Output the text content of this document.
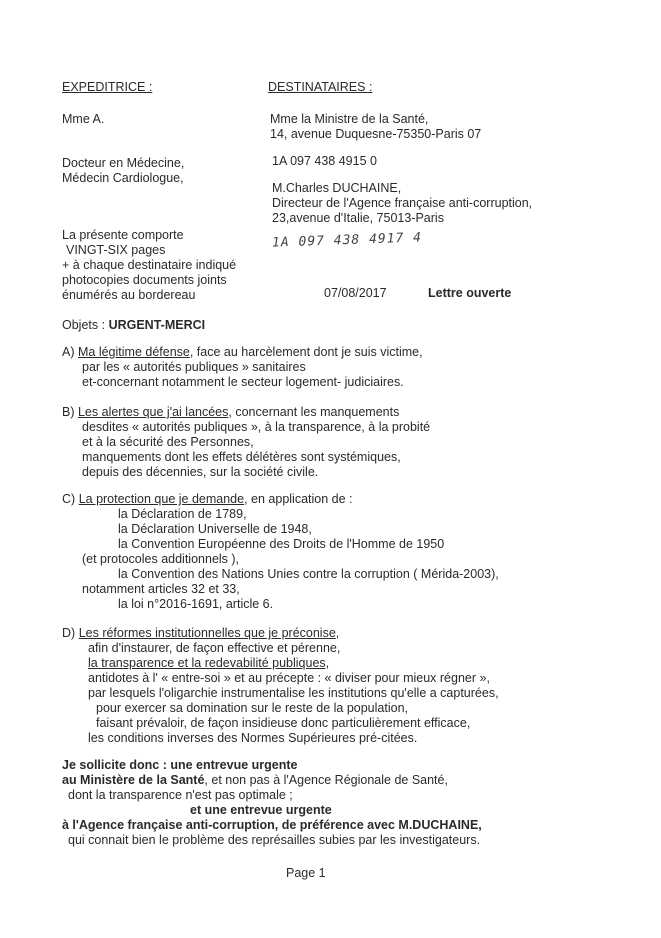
EXPEDITRICE :
Mme A.
Docteur en Médecine,
Médecin Cardiologue,
DESTINATAIRES :
Mme la Ministre de la Santé,
14, avenue Duquesne-75350-Paris 07
1A 097 438 4915 0
M.Charles DUCHAINE,
Directeur de l'Agence française anti-corruption,
23,avenue d'Italie, 75013-Paris
1A 097 438 4917 4
La présente comporte
VINGT-SIX pages
+ à chaque destinataire indiqué
photocopies documents joints
énumérés au bordereau	07/08/2017	Lettre ouverte
Objets : URGENT-MERCI
A) Ma légitime défense, face au harcèlement dont je suis victime,
par les « autorités publiques » sanitaires
et-concernant notamment le secteur logement- judiciaires.
B) Les alertes que j'ai lancées, concernant les manquements
desdites « autorités publiques », à la transparence, à la probité
et à la sécurité des Personnes,
manquements dont les effets délétères sont systémiques,
depuis des décennies, sur la société civile.
C) La protection que je demande, en application de :
la Déclaration de 1789,
la Déclaration Universelle de 1948,
la Convention Européenne des Droits de l'Homme de 1950
(et protocoles additionnels ),
la Convention des Nations Unies contre la corruption ( Mérida-2003),
notamment articles 32 et 33,
la loi n°2016-1691, article 6.
D) Les réformes institutionnelles que je préconise,
afin d'instaurer, de façon effective et pérenne,
la transparence et la redevabilité publiques,
antidotes à l' « entre-soi » et au précepte : « diviser pour mieux régner »,
par lesquels l'oligarchie instrumentalise les institutions qu'elle a capturées,
pour exercer sa domination sur le reste de la population,
faisant prévaloir, de façon insidieuse donc particulièrement efficace,
les conditions inverses des Normes Supérieures pré-citées.
Je sollicite donc : une entrevue urgente
au Ministère de la Santé, et non pas à l'Agence Régionale de Santé,
dont la transparence n'est pas optimale ;
et une entrevue urgente
à l'Agence française anti-corruption, de préférence avec M.DUCHAINE,
qui connait bien le problème des représailles subies par les investigateurs.
Page 1
